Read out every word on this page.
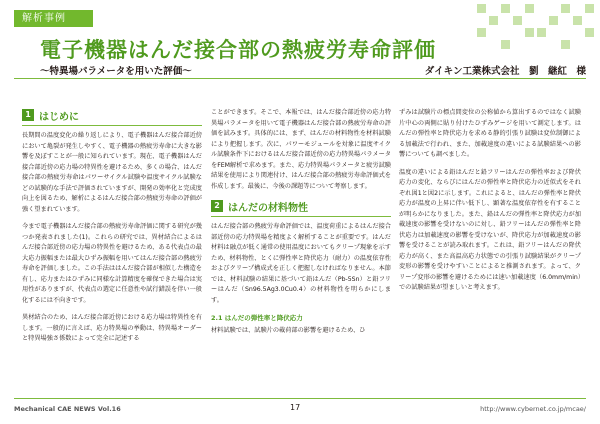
解析事例
電子機器はんだ接合部の熱疲労寿命評価
〜特異場パラメータを用いた評価〜	ダイキン工業株式会社　劉　継紅　様
1 はじめに

長期間の温度変化の繰り返しにより、電子機器はんだ接合部近傍において亀裂が発生しやすく、電子機器の熱疲労寿命に大きな影響を及ぼすことが一般に知られています。現在、電子機器はんだ接合部近傍の応力場の特異性を避けるため、多くの場合、はんだ接合部の熱疲労寿命はパワーサイクル試験や温度サイクル試験などの試験的な手法で評価されていますが、開発の効率化と完成度向上を図るため、解析によるはんだ接合部の熱疲労寿命の評価が強く望まれています。

今まで電子機器はんだ接合部の熱疲労寿命評価に関する研究が幾つか発表されました(1)。これらの研究では、異材結合によるはんだ接合部近傍の応力場の特異性を避けるため、ある代表点の最大応力振幅または最大ひずみ振幅を用いてはんだ接合部の熱疲労寿命を評価しました。この手法ははんだ接合部が相似した構造を有し、応力またはひずみに同様な計算精度を確保できた場合は実用性がありますが、代表点の選定に任意性や試行錯誤を伴い一般化するには不向きです。

異材結合のため、はんだ接合部近傍における応力場は特異性を有します。一般的に言えば、応力特異場の挙動は、特異場オーダーと特異場強さ係数によって完全に記述する

ことができます。そこで、本報では、はんだ接合部近傍の応力特異場パラメータを用いて電子機器はんだ接合部の熱疲労寿命の評価を試みます。具体的には、まず、はんだの材料物性を材料試験により把握します。次に、パワーモジュールを対象に温度サイクル試験条件下におけるはんだ接合部近傍の応力特異場パラメータをFEM解析で求めます。また、応力特異場パラメータと疲労試験結果を使用により関連付け、はんだ接合部の熱疲労寿命評価式を作成します。最後に、今後の課題等について考察します。

2 はんだの材料物性

はんだ接合部の熱疲労寿命評価では、温度荷重によるはんだ接合部近傍の応力特異場を精度よく解析することが重要です。はんだ材料は融点が低く通常の使用温度においてもクリープ現象を示すため、材料物性、とくに弾性率と降伏応力（耐力）の温度依存性およびクリープ構成式を正しく把握しなければなりません。本節では、材料試験の結果に基づいて鉛はんだ（Pb-5Sn）と鉛フリーはんだ（Sn96.5Ag3.0Cu0.4）の材料物性を明らかにします。

2.1 はんだの弾性率と降伏応力

材料試験では、試験片の載荷部の影響を避けるため、ひ

ずみは試験片の標点間変位の公称値から算出するのではなく試験片中心の両側に貼り付けたひずみゲージを用いて測定します。はんだの弾性率と降伏応力を求める静的引張り試験は変位制御による加載法で行われ、また、加載速度の違いによる試験結果への影響についても調べました。

温度の違いによる鉛はんだと鉛フリーはんだの弾性率および降伏応力の変化、ならびにはんだの弾性率と降伏応力の近似式をそれぞれ図1と図2に示します。これによると、はんだの弾性率と降伏応力が温度の上昇に伴い低下し、顕著な温度依存性を有することが明らかになりました。また、鉛はんだの弾性率と降伏応力が加載速度の影響を受けないのに対し、鉛フリーはんだの弾性率と降伏応力は加載速度の影響を受けないが、降伏応力が加載速度の影響を受けることが読み取れます。これは、鉛フリーはんだの降伏応力が高く、また高温高応力状態での引張り試験結果がクリープ変形の影響を受けやすいことによると推測されます。よって、クリープ変形の影響を避けるためには速い加載速度（6.0mm/min）での試験結果が望ましいと考えます。

Mechanical CAE NEWS Vol.16	17	http://www.cybernet.co.jp/mcae/
